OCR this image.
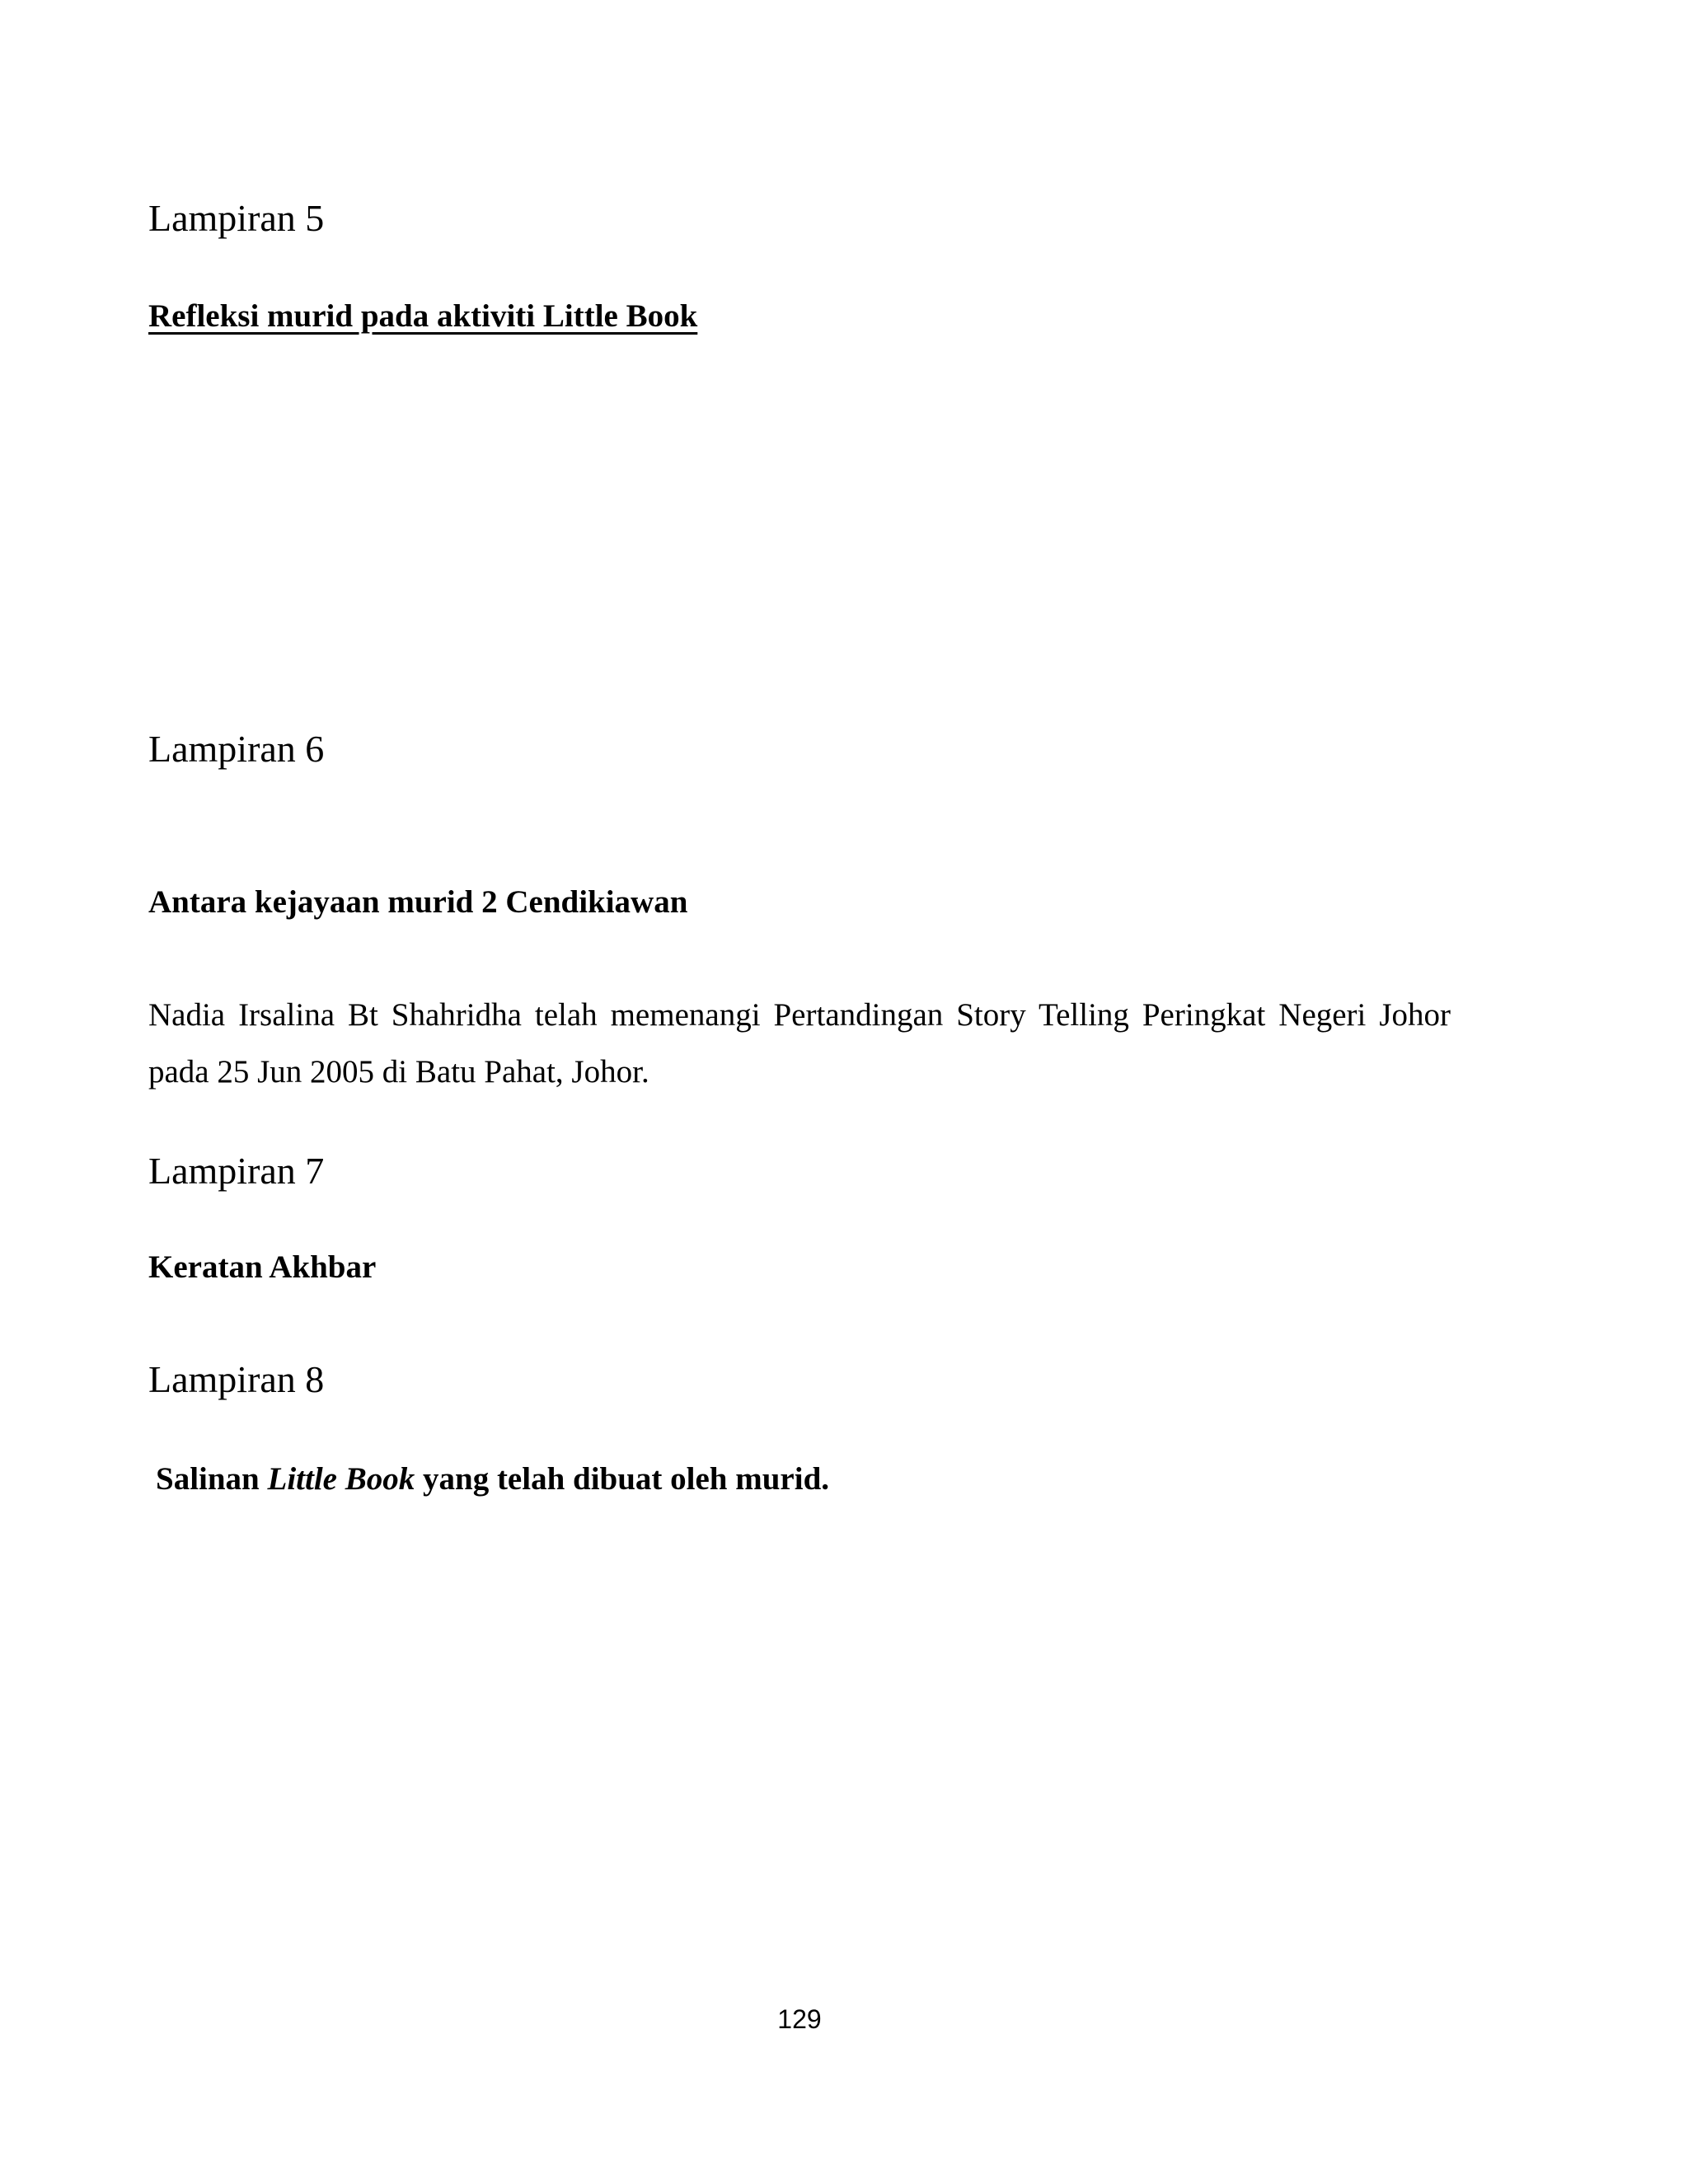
Lampiran 5
Refleksi murid pada aktiviti Little Book
Lampiran 6
Antara kejayaan murid 2 Cendikiawan

Nadia Irsalina Bt Shahridha telah memenangi Pertandingan Story Telling Peringkat Negeri Johor pada 25 Jun 2005 di Batu Pahat, Johor.

Lampiran 7
Keratan Akhbar
Lampiran 8
Salinan Little Book yang telah dibuat oleh murid.
129
